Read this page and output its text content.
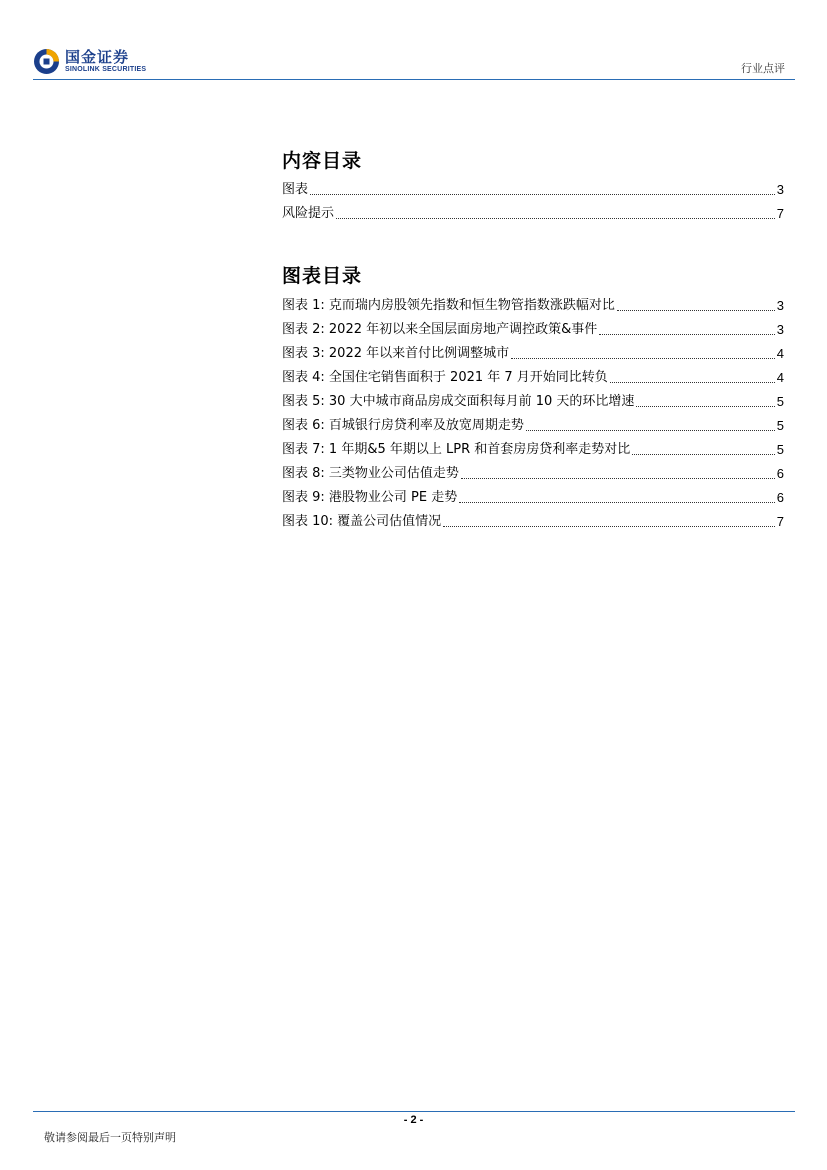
国金证券
SINOLINK SECURITIES	行业点评
内容目录
图表	3
风险提示	7
图表目录
图表 1: 克而瑞内房股领先指数和恒生物管指数涨跌幅对比	3
图表 2: 2022 年初以来全国层面房地产调控政策&事件	3
图表 3: 2022 年以来首付比例调整城市	4
图表 4: 全国住宅销售面积于 2021 年 7 月开始同比转负	4
图表 5: 30 大中城市商品房成交面积每月前 10 天的环比增速	5
图表 6: 百城银行房贷利率及放宽周期走势	5
图表 7: 1 年期&5 年期以上 LPR 和首套房房贷利率走势对比	5
图表 8: 三类物业公司估值走势	6
图表 9: 港股物业公司 PE 走势	6
图表 10: 覆盖公司估值情况	7
- 2 -
敬请参阅最后一页特别声明
